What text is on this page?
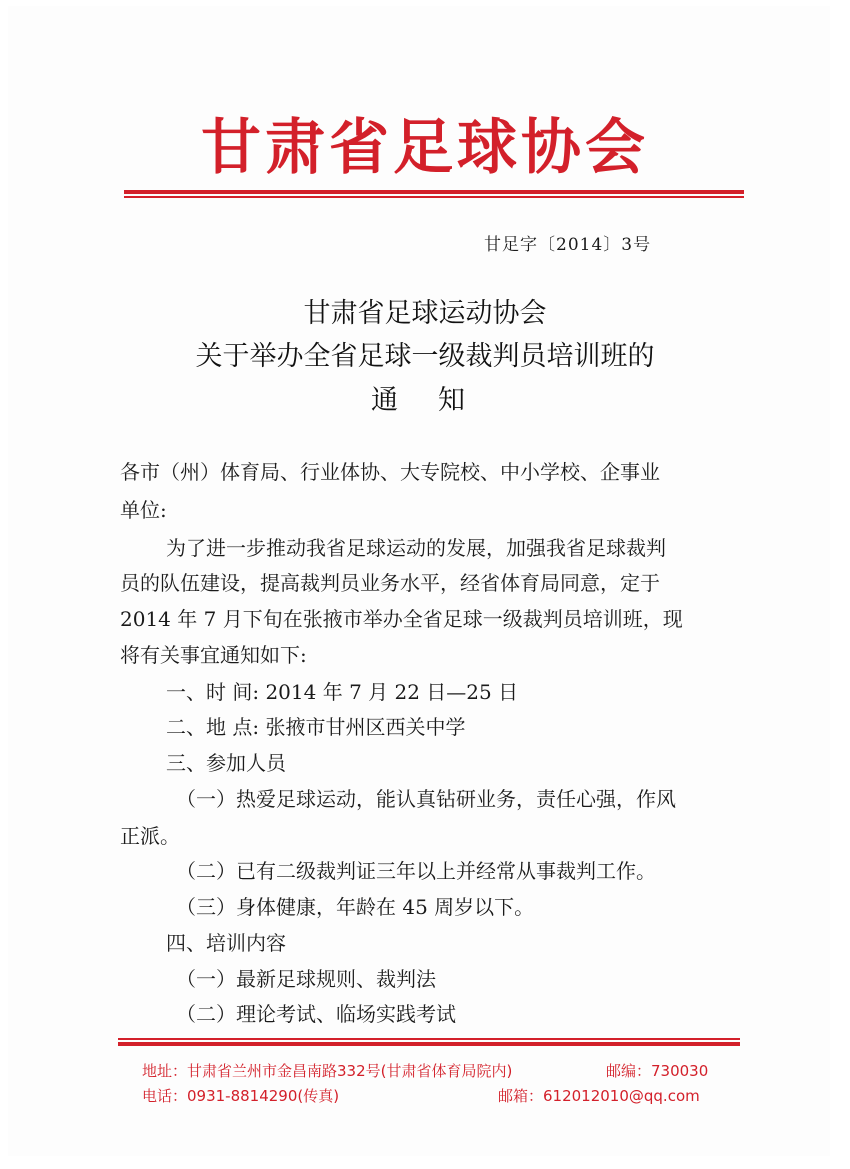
甘肃省足球协会
甘足字〔2014〕3号
甘肃省足球运动协会
关于举办全省足球一级裁判员培训班的
通知
各市（州）体育局、行业体协、大专院校、中小学校、企事业
单位:
为了进一步推动我省足球运动的发展，加强我省足球裁判
员的队伍建设，提高裁判员业务水平，经省体育局同意，定于
2014 年 7 月下旬在张掖市举办全省足球一级裁判员培训班，现
将有关事宜通知如下:
一、时 间: 2014 年 7 月 22 日—25 日
二、地 点: 张掖市甘州区西关中学
三、参加人员
（一）热爱足球运动，能认真钻研业务，责任心强，作风
正派。
（二）已有二级裁判证三年以上并经常从事裁判工作。
（三）身体健康，年龄在 45 周岁以下。
四、培训内容
（一）最新足球规则、裁判法
（二）理论考试、临场实践考试
地址：甘肃省兰州市金昌南路332号(甘肃省体育局院内)	邮编：730030
电话：0931-8814290(传真)	邮箱：612012010@qq.com
